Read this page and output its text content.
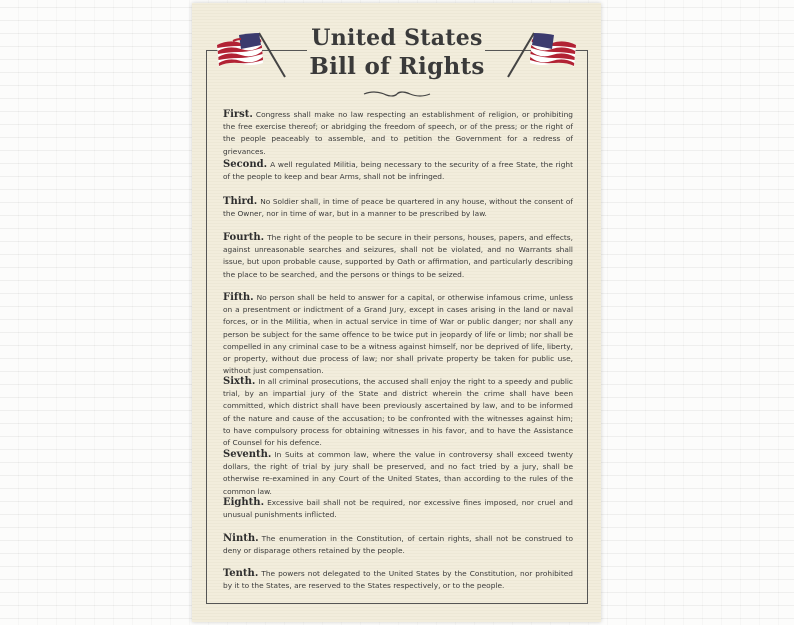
United States
Bill of Rights
First. Congress shall make no law respecting an establishment of religion, or prohibiting the free exercise thereof; or abridging the freedom of speech, or of the press; or the right of the people peaceably to assemble, and to petition the Government for a redress of grievances.
Second. A well regulated Militia, being necessary to the security of a free State, the right of the people to keep and bear Arms, shall not be infringed.
Third. No Soldier shall, in time of peace be quartered in any house, without the consent of the Owner, nor in time of war, but in a manner to be prescribed by law.
Fourth. The right of the people to be secure in their persons, houses, papers, and effects, against unreasonable searches and seizures, shall not be violated, and no Warrants shall issue, but upon probable cause, supported by Oath or affirmation, and particularly describing the place to be searched, and the persons or things to be seized.
Fifth. No person shall be held to answer for a capital, or otherwise infamous crime, unless on a presentment or indictment of a Grand Jury, except in cases arising in the land or naval forces, or in the Militia, when in actual service in time of War or public danger; nor shall any person be subject for the same offence to be twice put in jeopardy of life or limb; nor shall be compelled in any criminal case to be a witness against himself, nor be deprived of life, liberty, or property, without due process of law; nor shall private property be taken for public use, without just compensation.
Sixth. In all criminal prosecutions, the accused shall enjoy the right to a speedy and public trial, by an impartial jury of the State and district wherein the crime shall have been committed, which district shall have been previously ascertained by law, and to be informed of the nature and cause of the accusation; to be confronted with the witnesses against him; to have compulsory process for obtaining witnesses in his favor, and to have the Assistance of Counsel for his defence.
Seventh. In Suits at common law, where the value in controversy shall exceed twenty dollars, the right of trial by jury shall be preserved, and no fact tried by a jury, shall be otherwise re-examined in any Court of the United States, than according to the rules of the common law.
Eighth. Excessive bail shall not be required, nor excessive fines imposed, nor cruel and unusual punishments inflicted.
Ninth. The enumeration in the Constitution, of certain rights, shall not be construed to deny or disparage others retained by the people.
Tenth. The powers not delegated to the United States by the Constitution, nor prohibited by it to the States, are reserved to the States respectively, or to the people.
